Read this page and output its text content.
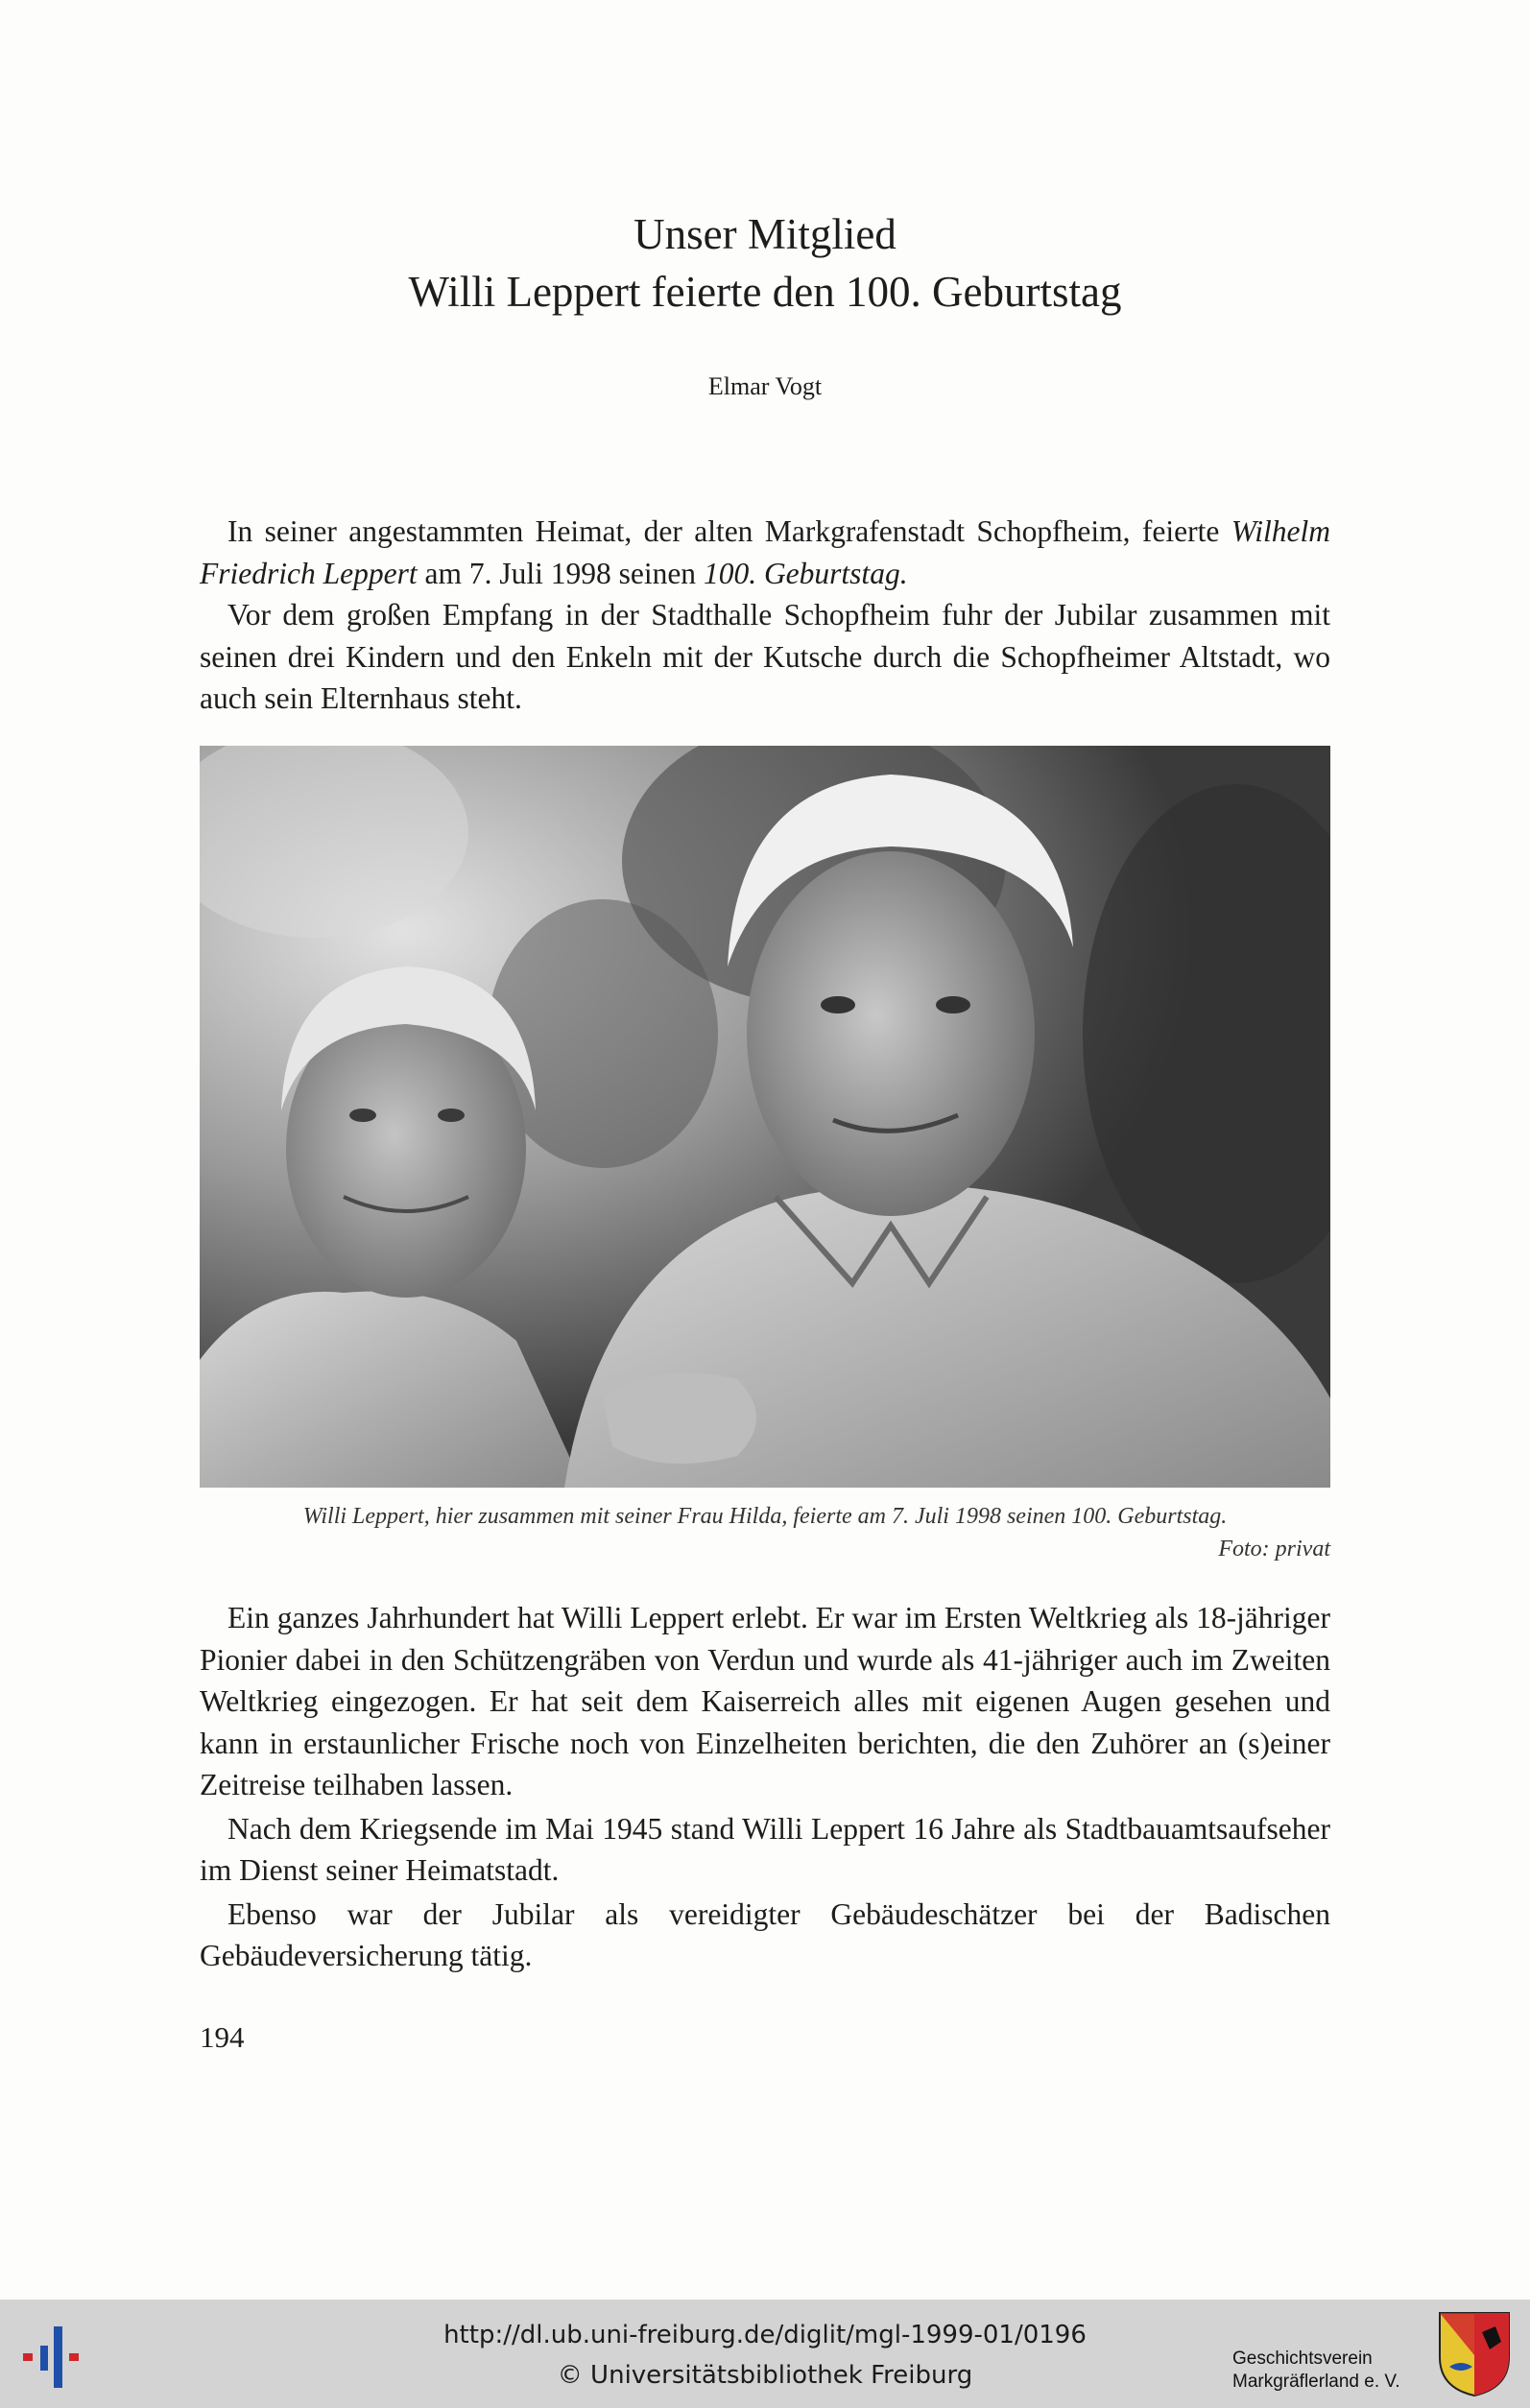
Unser Mitglied
Willi Leppert feierte den 100. Geburtstag
Elmar Vogt

In seiner angestammten Heimat, der alten Markgrafenstadt Schopfheim, feierte Wilhelm Friedrich Leppert am 7. Juli 1998 seinen 100. Geburtstag.

Vor dem großen Empfang in der Stadthalle Schopfheim fuhr der Jubilar zusammen mit seinen drei Kindern und den Enkeln mit der Kutsche durch die Schopfheimer Altstadt, wo auch sein Elternhaus steht.

Willi Leppert, hier zusammen mit seiner Frau Hilda, feierte am 7. Juli 1998 seinen 100. Geburtstag.
Foto: privat

Ein ganzes Jahrhundert hat Willi Leppert erlebt. Er war im Ersten Weltkrieg als 18-jähriger Pionier dabei in den Schützengräben von Verdun und wurde als 41-jähriger auch im Zweiten Weltkrieg eingezogen. Er hat seit dem Kaiserreich alles mit eigenen Augen gesehen und kann in erstaunlicher Frische noch von Einzelheiten berichten, die den Zuhörer an (s)einer Zeitreise teilhaben lassen.

Nach dem Kriegsende im Mai 1945 stand Willi Leppert 16 Jahre als Stadtbauamtsaufseher im Dienst seiner Heimatstadt.

Ebenso war der Jubilar als vereidigter Gebäudeschätzer bei der Badischen Gebäudeversicherung tätig.

194
http://dl.ub.uni-freiburg.de/diglit/mgl-1999-01/0196
© Universitätsbibliothek Freiburg
Geschichtsverein
Markgräflerland e. V.
